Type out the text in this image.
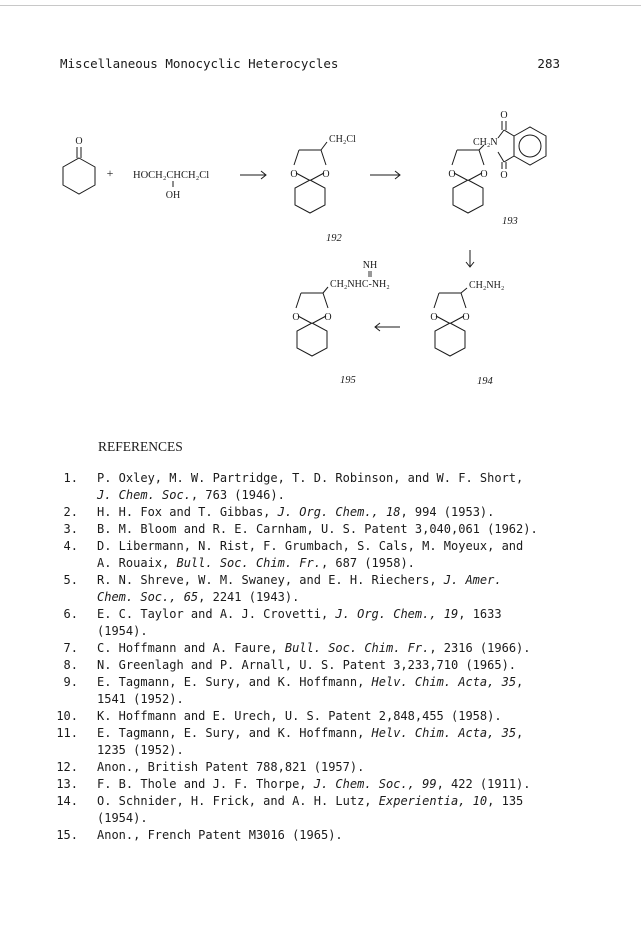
Miscellaneous Monocyclic Heterocycles	283
O
+ HOCH₂CHCH₂Cl
OH
O O
CH₂Cl
192
O O
CH₂N
O
O
193
O O
CH₂NH₂
194
O O
CH₂NHC-NH₂
NH
195
REFERENCES
1. P. Oxley, M. W. Partridge, T. D. Robinson, and W. F. Short,
J. Chem. Soc., 763 (1946).
2. H. H. Fox and T. Gibbas, J. Org. Chem., 18, 994 (1953).
3. B. M. Bloom and R. E. Carnham, U. S. Patent 3,040,061 (1962).
4. D. Libermann, N. Rist, F. Grumbach, S. Cals, M. Moyeux, and
A. Rouaix, Bull. Soc. Chim. Fr., 687 (1958).
5. R. N. Shreve, W. M. Swaney, and E. H. Riechers, J. Amer.
Chem. Soc., 65, 2241 (1943).
6. E. C. Taylor and A. J. Crovetti, J. Org. Chem., 19, 1633
(1954).
7. C. Hoffmann and A. Faure, Bull. Soc. Chim. Fr., 2316 (1966).
8. N. Greenlagh and P. Arnall, U. S. Patent 3,233,710 (1965).
9. E. Tagmann, E. Sury, and K. Hoffmann, Helv. Chim. Acta, 35,
1541 (1952).
10. K. Hoffmann and E. Urech, U. S. Patent 2,848,455 (1958).
11. E. Tagmann, E. Sury, and K. Hoffmann, Helv. Chim. Acta, 35,
1235 (1952).
12. Anon., British Patent 788,821 (1957).
13. F. B. Thole and J. F. Thorpe, J. Chem. Soc., 99, 422 (1911).
14. O. Schnider, H. Frick, and A. H. Lutz, Experientia, 10, 135
(1954).
15. Anon., French Patent M3016 (1965).
